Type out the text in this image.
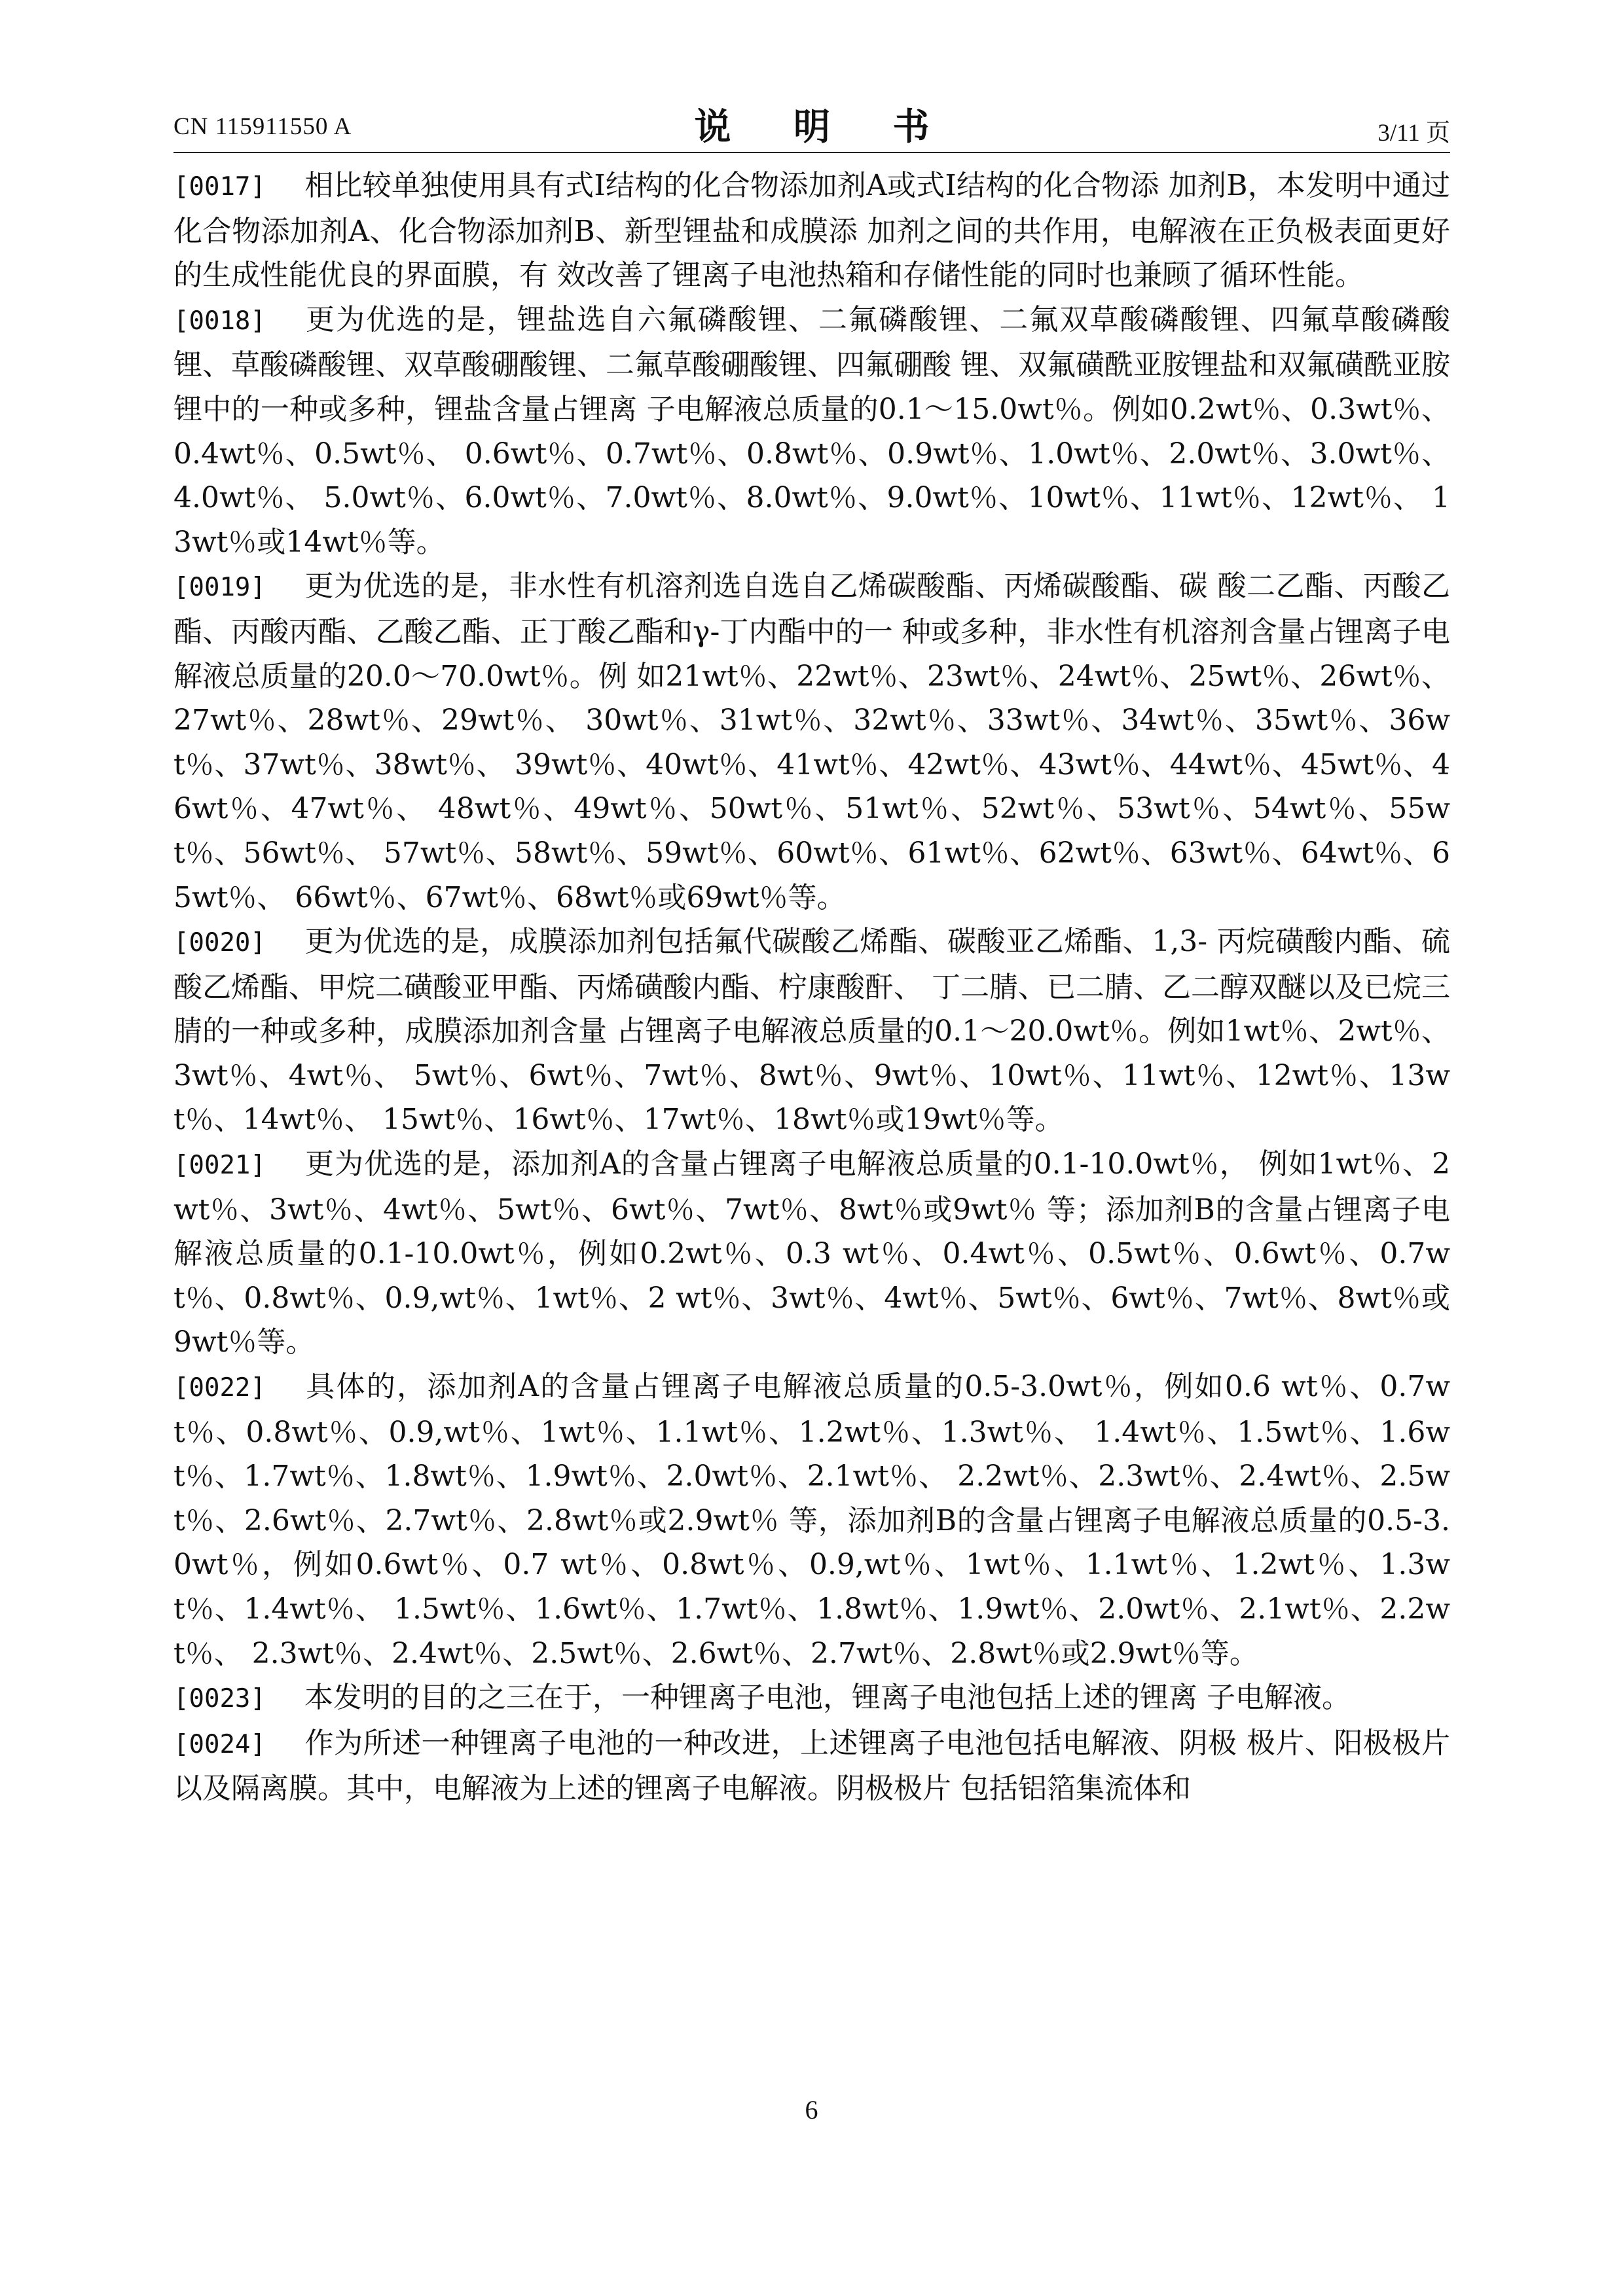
CN 115911550 A	说 明 书	3/11 页

[0017] 相比较单独使用具有式I结构的化合物添加剂A或式I结构的化合物添 加剂B，本发明中通过化合物添加剂A、化合物添加剂B、新型锂盐和成膜添 加剂之间的共作用，电解液在正负极表面更好的生成性能优良的界面膜，有 效改善了锂离子电池热箱和存储性能的同时也兼顾了循环性能。

[0018] 更为优选的是，锂盐选自六氟磷酸锂、二氟磷酸锂、二氟双草酸磷酸锂、四氟草酸磷酸锂、草酸磷酸锂、双草酸硼酸锂、二氟草酸硼酸锂、四氟硼酸 锂、双氟磺酰亚胺锂盐和双氟磺酰亚胺锂中的一种或多种，锂盐含量占锂离 子电解液总质量的0.1～15.0wt％。例如0.2wt％、0.3wt％、0.4wt％、0.5wt％、 0.6wt％、0.7wt％、0.8wt％、0.9wt％、1.0wt％、2.0wt％、3.0wt％、4.0wt％、 5.0wt％、6.0wt％、7.0wt％、8.0wt％、9.0wt％、10wt％、11wt％、12wt％、 13wt％或14wt％等。

[0019] 更为优选的是，非水性有机溶剂选自选自乙烯碳酸酯、丙烯碳酸酯、碳 酸二乙酯、丙酸乙酯、丙酸丙酯、乙酸乙酯、正丁酸乙酯和γ-丁内酯中的一 种或多种，非水性有机溶剂含量占锂离子电解液总质量的20.0～70.0wt％。例 如21wt％、22wt％、23wt％、24wt％、25wt％、26wt％、27wt％、28wt％、29wt％、 30wt％、31wt％、32wt％、33wt％、34wt％、35wt％、36wt％、37wt％、38wt％、 39wt％、40wt％、41wt％、42wt％、43wt％、44wt％、45wt％、46wt％、47wt％、 48wt％、49wt％、50wt％、51wt％、52wt％、53wt％、54wt％、55wt％、56wt％、 57wt％、58wt％、59wt％、60wt％、61wt％、62wt％、63wt％、64wt％、65wt％、 66wt％、67wt％、68wt％或69wt％等。

[0020] 更为优选的是，成膜添加剂包括氟代碳酸乙烯酯、碳酸亚乙烯酯、1,3- 丙烷磺酸内酯、硫酸乙烯酯、甲烷二磺酸亚甲酯、丙烯磺酸内酯、柠康酸酐、 丁二腈、已二腈、乙二醇双醚以及已烷三腈的一种或多种，成膜添加剂含量 占锂离子电解液总质量的0.1～20.0wt％。例如1wt％、2wt％、3wt％、4wt％、 5wt％、6wt％、7wt％、8wt％、9wt％、10wt％、11wt％、12wt％、13wt％、14wt％、 15wt％、16wt％、17wt％、18wt％或19wt％等。

[0021] 更为优选的是，添加剂A的含量占锂离子电解液总质量的0.1-10.0wt％， 例如1wt％、2wt％、3wt％、4wt％、5wt％、6wt％、7wt％、8wt％或9wt％ 等；添加剂B的含量占锂离子电解液总质量的0.1-10.0wt％，例如0.2wt％、0.3 wt％、0.4wt％、0.5wt％、0.6wt％、0.7wt％、0.8wt％、0.9,wt％、1wt％、2 wt％、3wt％、4wt％、5wt％、6wt％、7wt％、8wt％或9wt％等。

[0022] 具体的，添加剂A的含量占锂离子电解液总质量的0.5-3.0wt％，例如0.6 wt％、0.7wt％、0.8wt％、0.9,wt％、1wt％、1.1wt％、1.2wt％、1.3wt％、 1.4wt％、1.5wt％、1.6wt％、1.7wt％、1.8wt％、1.9wt％、2.0wt％、2.1wt％、 2.2wt％、2.3wt％、2.4wt％、2.5wt％、2.6wt％、2.7wt％、2.8wt％或2.9wt％ 等，添加剂B的含量占锂离子电解液总质量的0.5-3.0wt％，例如0.6wt％、0.7 wt％、0.8wt％、0.9,wt％、1wt％、1.1wt％、1.2wt％、1.3wt％、1.4wt％、 1.5wt％、1.6wt％、1.7wt％、1.8wt％、1.9wt％、2.0wt％、2.1wt％、2.2wt％、 2.3wt％、2.4wt％、2.5wt％、2.6wt％、2.7wt％、2.8wt％或2.9wt％等。

[0023] 本发明的目的之三在于，一种锂离子电池，锂离子电池包括上述的锂离 子电解液。

[0024] 作为所述一种锂离子电池的一种改进，上述锂离子电池包括电解液、阴极 极片、阳极极片以及隔离膜。其中，电解液为上述的锂离子电解液。阴极极片 包括铝箔集流体和

6
